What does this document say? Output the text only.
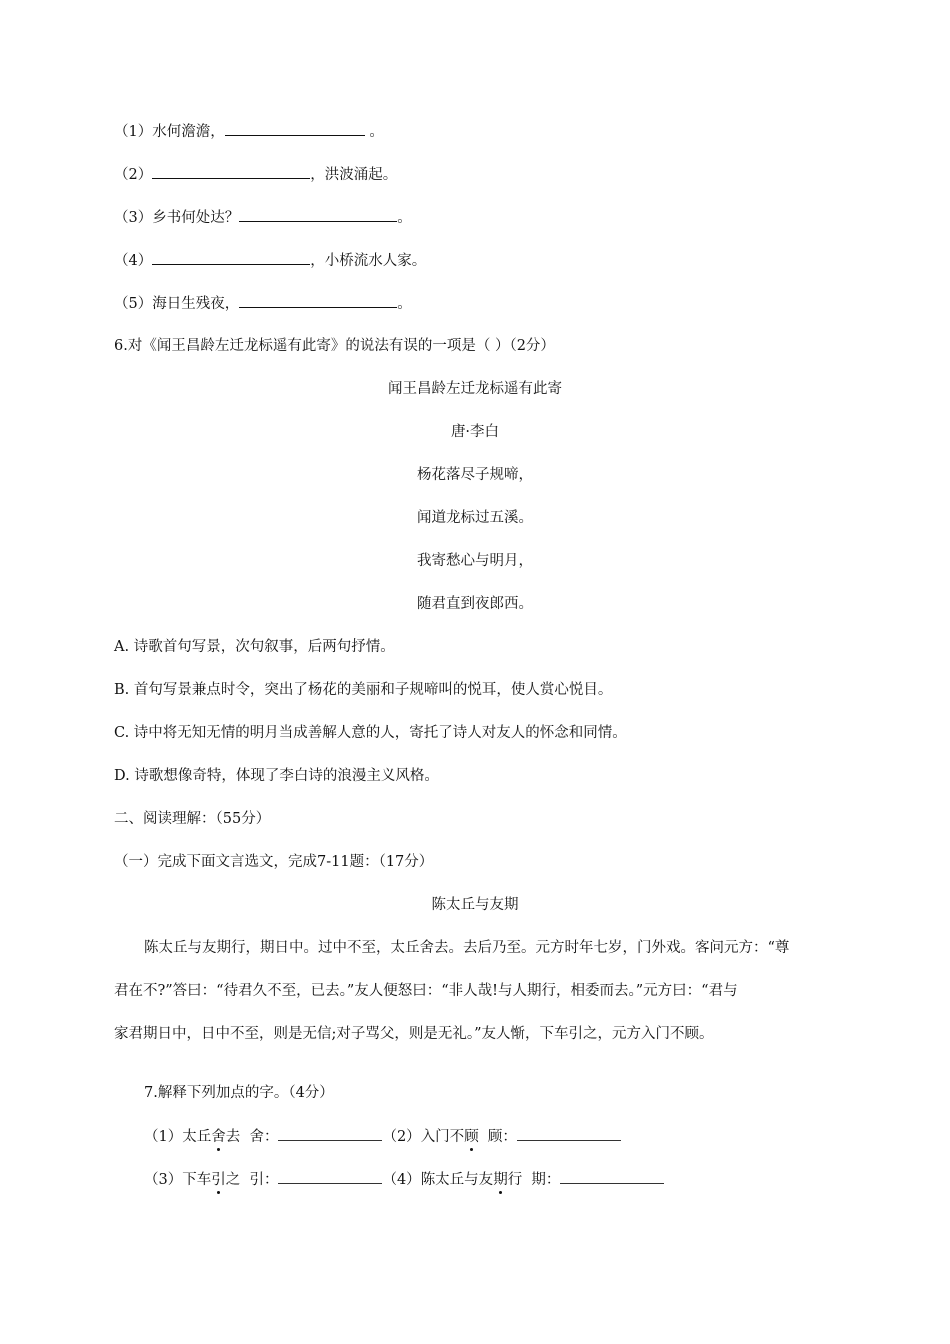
（1）水何澹澹，	。
（2）	，洪波涌起。
（3）乡书何处达？	。
（4）	，小桥流水人家。
（5）海日生残夜，	。
6.对《闻王昌龄左迁龙标遥有此寄》的说法有误的一项是（ ）（2分）
闻王昌龄左迁龙标遥有此寄
唐·李白
杨花落尽子规啼，
闻道龙标过五溪。
我寄愁心与明月，
随君直到夜郎西。
A. 诗歌首句写景，次句叙事，后两句抒情。
B. 首句写景兼点时令，突出了杨花的美丽和子规啼叫的悦耳，使人赏心悦目。
C. 诗中将无知无情的明月当成善解人意的人，寄托了诗人对友人的怀念和同情。
D. 诗歌想像奇特，体现了李白诗的浪漫主义风格。
二、阅读理解：（55分）
（一）完成下面文言选文，完成7-11题：（17分）
陈太丘与友期
陈太丘与友期行，期日中。过中不至，太丘舍去。去后乃至。元方时年七岁，门外戏。客问元方：“尊
君在不?”答曰：“待君久不至，已去。”友人便怒曰：“非人哉!与人期行，相委而去。”元方曰：“君与
家君期日中，日中不至，则是无信;对子骂父，则是无礼。”友人惭，下车引之，元方入门不顾。
7.解释下列加点的字。（4分）
（1）太丘舍去 舍：	（2）入门不顾 顾：
（3）下车引之 引：	（4）陈太丘与友期行 期：
